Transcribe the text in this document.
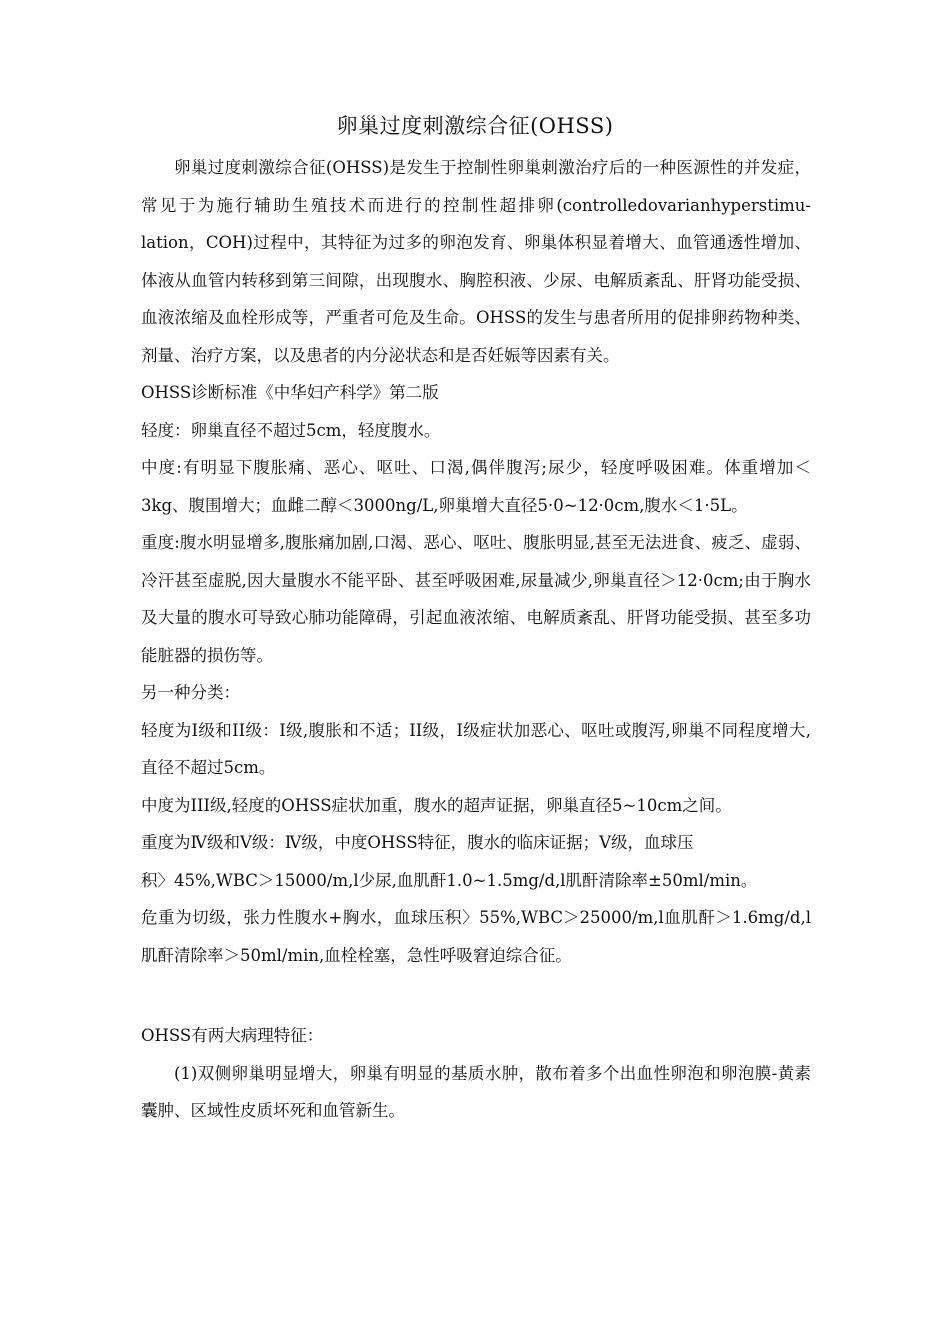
卵巢过度刺激综合征(OHSS)

卵巢过度刺激综合征(OHSS)是发生于控制性卵巢刺激治疗后的一种医源性的并发症，常见于为施行辅助生殖技术而进行的控制性超排卵(controlledovarianhyperstimu-lation，COH)过程中，其特征为过多的卵泡发育、卵巢体积显着增大、血管通透性增加、体液从血管内转移到第三间隙，出现腹水、胸腔积液、少尿、电解质紊乱、肝肾功能受损、血液浓缩及血栓形成等，严重者可危及生命。OHSS的发生与患者所用的促排卵药物种类、剂量、治疗方案，以及患者的内分泌状态和是否妊娠等因素有关。

OHSS诊断标准《中华妇产科学》第二版

轻度：卵巢直径不超过5cm，轻度腹水。

中度:有明显下腹胀痛、恶心、呕吐、口渴,偶伴腹泻;尿少，轻度呼吸困难。体重增加＜3kg、腹围增大；血雌二醇＜3000ng/L,卵巢增大直径5·0~12·0cm,腹水＜1·5L。

重度:腹水明显增多,腹胀痛加剧,口渴、恶心、呕吐、腹胀明显,甚至无法进食、疲乏、虚弱、冷汗甚至虚脱,因大量腹水不能平卧、甚至呼吸困难,尿量减少,卵巢直径＞12·0cm;由于胸水及大量的腹水可导致心肺功能障碍，引起血液浓缩、电解质紊乱、肝肾功能受损、甚至多功能脏器的损伤等。

另一种分类：

轻度为I级和II级：I级,腹胀和不适；II级，I级症状加恶心、呕吐或腹泻,卵巢不同程度增大,直径不超过5cm。

中度为III级,轻度的OHSS症状加重，腹水的超声证据，卵巢直径5~10cm之间。

重度为Ⅳ级和Ⅴ级：Ⅳ级，中度OHSS特征，腹水的临床证据；Ⅴ级，血球压

积〉45%,WBC＞15000/m,l少尿,血肌酐1.0~1.5mg/d,l肌酐清除率±50ml/min。

危重为切级，张力性腹水+胸水，血球压积〉55%,WBC＞25000/m,l血肌酐＞1.6mg/d,l肌酐清除率＞50ml/min,血栓栓塞，急性呼吸窘迫综合征。

OHSS有两大病理特征：

(1)双侧卵巢明显增大，卵巢有明显的基质水肿，散布着多个出血性卵泡和卵泡膜-黄素囊肿、区域性皮质坏死和血管新生。
